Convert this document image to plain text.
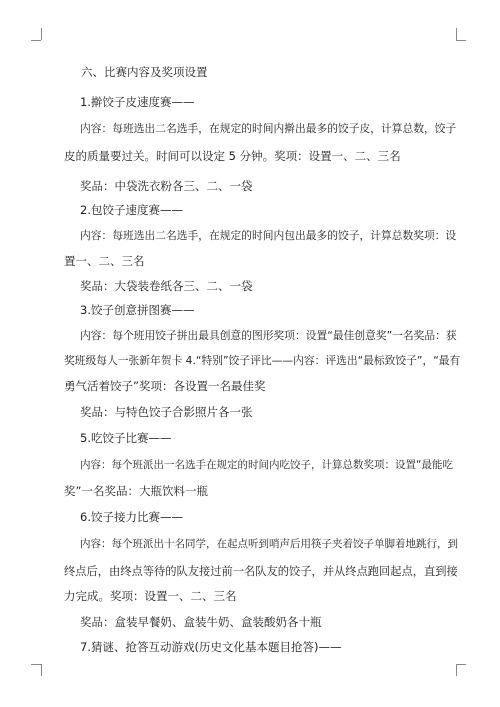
六、比赛内容及奖项设置
1.擀饺子皮速度赛——
内容：每班选出二名选手，在规定的时间内擀出最多的饺子皮，计算总数，饺子
皮的质量要过关。时间可以设定 5 分钟。奖项：设置一、二、三名
奖品：中袋洗衣粉各三、二、一袋
2.包饺子速度赛——
内容：每班选出二名选手，在规定的时间内包出最多的饺子，计算总数奖项：设
置一、二、三名
奖品：大袋装卷纸各三、二、一袋
3.饺子创意拼图赛——
内容：每个班用饺子拼出最具创意的图形奖项：设置“最佳创意奖”一名奖品：获
奖班级每人一张新年贺卡 4.“特别”饺子评比——内容：评选出“最标致饺子”，“最有
勇气活着饺子”奖项：各设置一名最佳奖
奖品：与特色饺子合影照片各一张
5.吃饺子比赛——
内容：每个班派出一名选手在规定的时间内吃饺子，计算总数奖项：设置“最能吃
奖”一名奖品：大瓶饮料一瓶
6.饺子接力比赛——
内容：每个班派出十名同学，在起点听到哨声后用筷子夹着饺子单脚着地跳行，到
终点后，由终点等待的队友接过前一名队友的饺子，并从终点跑回起点，直到接
力完成。奖项：设置一、二、三名
奖品：盒装早餐奶、盒装牛奶、盒装酸奶各十瓶
7.猜谜、抢答互动游戏(历史文化基本题目抢答)——
